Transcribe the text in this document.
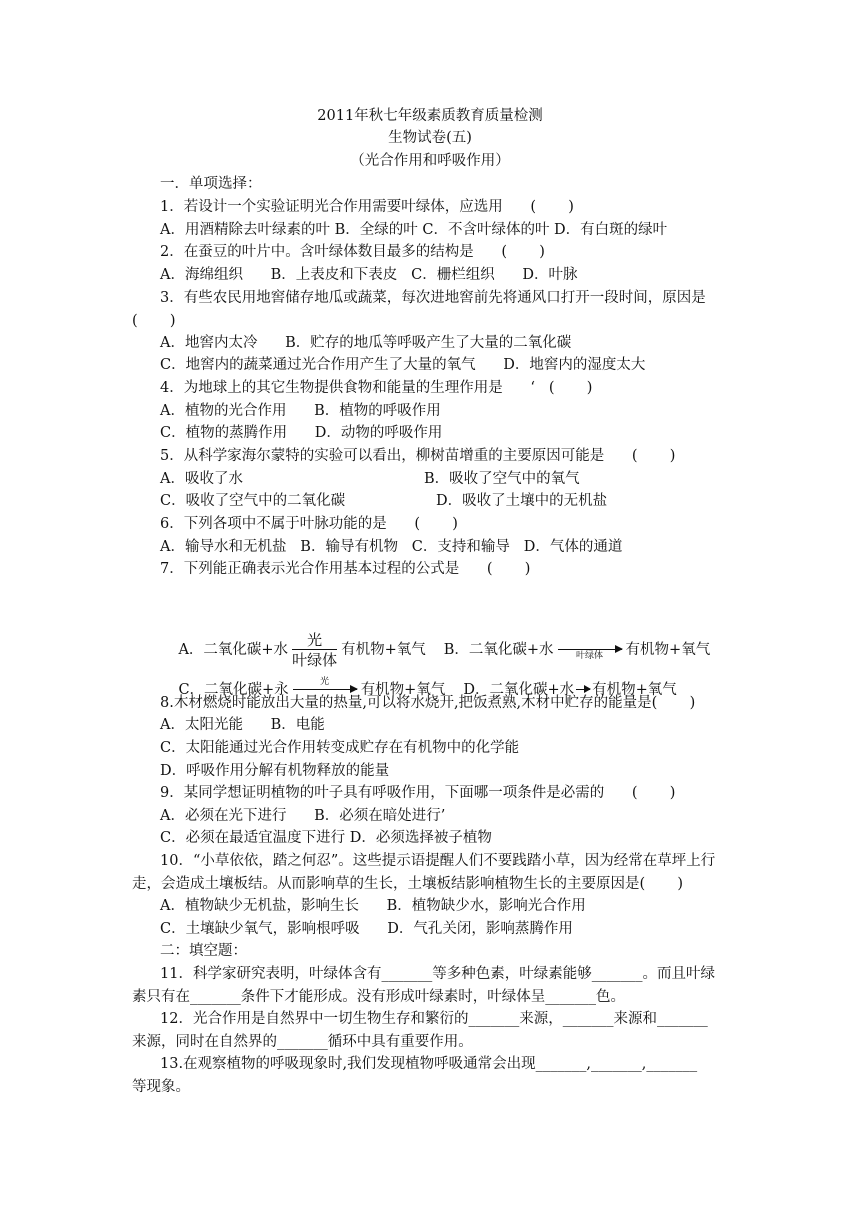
2011年秋七年级素质教育质量检测
生物试卷(五)
（光合作用和呼吸作用）
一．单项选择：
1．若设计一个实验证明光合作用需要叶绿体，应选用      (       )
A．用酒精除去叶绿素的叶 B．全绿的叶 C．不含叶绿体的叶 D．有白斑的绿叶
2．在蚕豆的叶片中。含叶绿体数目最多的结构是      (       )
A．海绵组织      B．上表皮和下表皮   C．栅栏组织      D．叶脉
3．有些农民用地窖储存地瓜或蔬菜，每次进地窖前先将通风口打开一段时间，原因是
(       )
A．地窖内太冷      B．贮存的地瓜等呼吸产生了大量的二氧化碳
C．地窖内的蔬菜通过光合作用产生了大量的氧气      D．地窖内的湿度太大
4．为地球上的其它生物提供食物和能量的生理作用是      ‘   (       )
A．植物的光合作用      B．植物的呼吸作用
C．植物的蒸腾作用      D．动物的呼吸作用
5．从科学家海尔蒙特的实验可以看出，柳树苗增重的主要原因可能是      (       )
A．吸收了水	B．吸收了空气中的氧气
C．吸收了空气中的二氧化碳	D．吸收了土壤中的无机盐
6．下列各项中不属于叶脉功能的是      (       )
A．输导水和无机盐   B．输导有机物   C．支持和输导   D．气体的通道
7．下列能正确表示光合作用基本过程的公式是      (       )

A．二氧化碳+水 $\frac{\text{光}}{\text{叶绿体}}$ 有机物+氧气 B．二氧化碳+水	叶绿体	有机物+氧气

C．二氧化碳+永	光	有机物+氧气 D．二氧化碳+水 有机物+氧气

8.木材燃烧时能放出大量的热量,可以将水烧开,把饭煮熟,木材中贮存的能量是(       )
A．太阳光能      B．电能
C．太阳能通过光合作用转变成贮存在有机物中的化学能
D．呼吸作用分解有机物释放的能量
9．某同学想证明植物的叶子具有呼吸作用，下面哪一项条件是必需的      (       )
A．必须在光下进行      B．必须在暗处进行’
C．必须在最适宜温度下进行 D．必须选择被子植物
10．“小草依依，踏之何忍”。这些提示语提醒人们不要践踏小草，因为经常在草坪上行
走，会造成土壤板结。从而影响草的生长，土壤板结影响植物生长的主要原因是(       )
A．植物缺少无机盐，影响生长      B．植物缺少水，影响光合作用
C．土壤缺少氧气，影响根呼吸      D．气孔关闭，影响蒸腾作用
二：填空题：
11．科学家研究表明，叶绿体含有_______等多种色素，叶绿素能够_______。而且叶绿
素只有在_______条件下才能形成。没有形成叶绿素时，叶绿体呈_______色。
12．光合作用是自然界中一切生物生存和繁衍的_______来源，_______来源和_______
来源，同时在自然界的_______循环中具有重要作用。
13.在观察植物的呼吸现象时,我们发现植物呼吸通常会出现_______,_______,_______
等现象。
